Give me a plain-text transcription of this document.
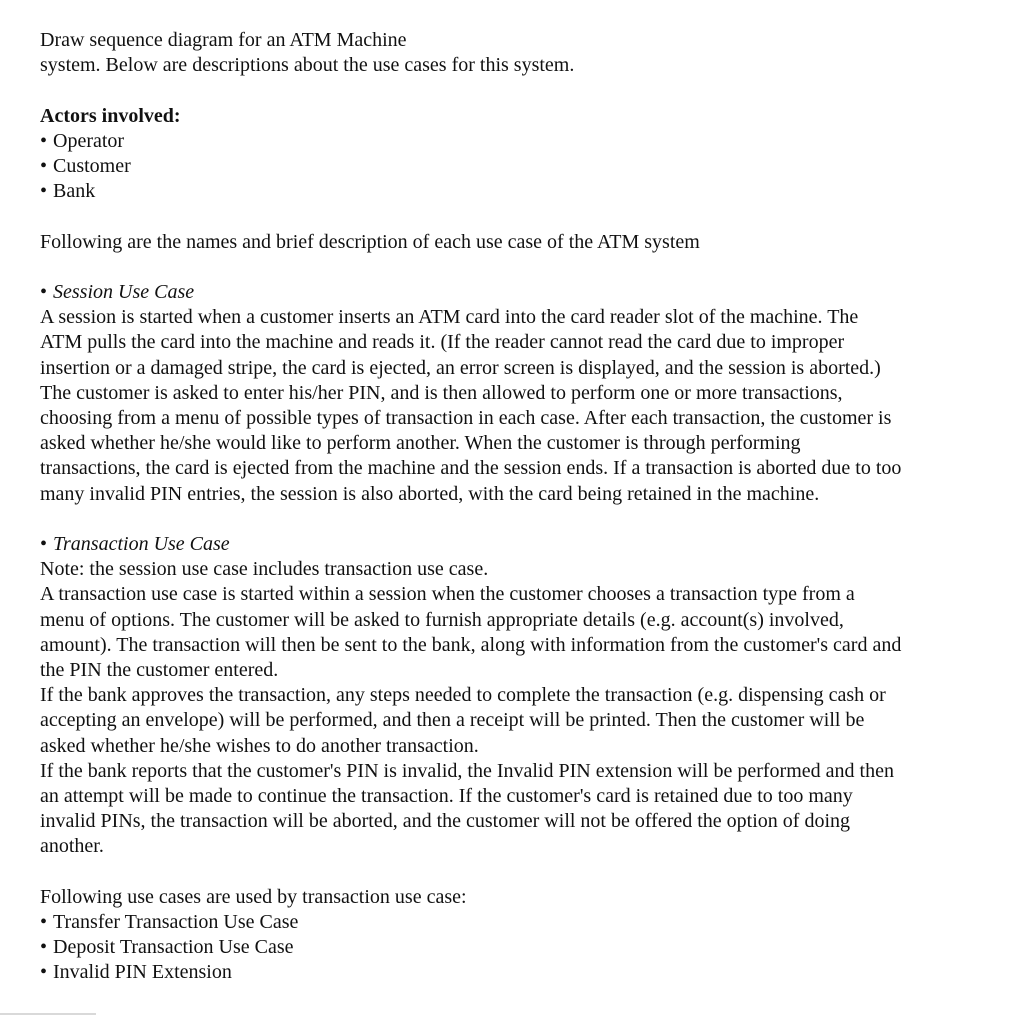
Draw sequence diagram for an ATM Machine

system. Below are descriptions about the use cases for this system.

Actors involved:

• Operator

• Customer

• Bank

Following are the names and brief description of each use case of the ATM system

• Session Use Case

A session is started when a customer inserts an ATM card into the card reader slot of the machine. The

ATM pulls the card into the machine and reads it. (If the reader cannot read the card due to improper

insertion or a damaged stripe, the card is ejected, an error screen is displayed, and the session is aborted.)

The customer is asked to enter his/her PIN, and is then allowed to perform one or more transactions,

choosing from a menu of possible types of transaction in each case. After each transaction, the customer is

asked whether he/she would like to perform another. When the customer is through performing

transactions, the card is ejected from the machine and the session ends. If a transaction is aborted due to too

many invalid PIN entries, the session is also aborted, with the card being retained in the machine.

• Transaction Use Case

Note: the session use case includes transaction use case.

A transaction use case is started within a session when the customer chooses a transaction type from a

menu of options. The customer will be asked to furnish appropriate details (e.g. account(s) involved,

amount). The transaction will then be sent to the bank, along with information from the customer's card and

the PIN the customer entered.

If the bank approves the transaction, any steps needed to complete the transaction (e.g. dispensing cash or

accepting an envelope) will be performed, and then a receipt will be printed. Then the customer will be

asked whether he/she wishes to do another transaction.

If the bank reports that the customer's PIN is invalid, the Invalid PIN extension will be performed and then

an attempt will be made to continue the transaction. If the customer's card is retained due to too many

invalid PINs, the transaction will be aborted, and the customer will not be offered the option of doing

another.

Following use cases are used by transaction use case:

• Transfer Transaction Use Case

• Deposit Transaction Use Case

• Invalid PIN Extension
